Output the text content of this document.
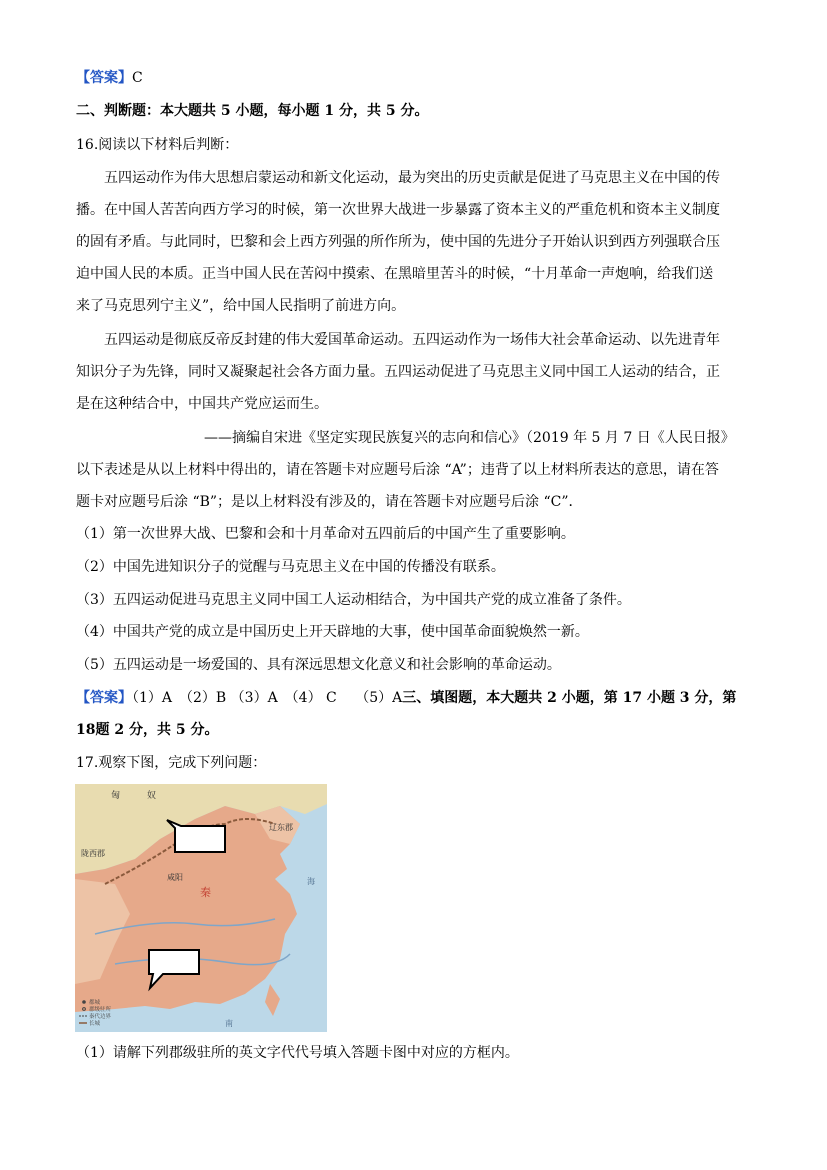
【答案】C
二、判断题：本大题共 5 小题，每小题 1 分，共 5 分。
16.阅读以下材料后判断：
五四运动作为伟大思想启蒙运动和新文化运动，最为突出的历史贡献是促进了马克思主义在中国的传
播。在中国人苦苦向西方学习的时候，第一次世界大战进一步暴露了资本主义的严重危机和资本主义制度
的固有矛盾。与此同时，巴黎和会上西方列强的所作所为，使中国的先进分子开始认识到西方列强联合压
迫中国人民的本质。正当中国人民在苦闷中摸索、在黑暗里苦斗的时候，“十月革命一声炮响，给我们送
来了马克思列宁主义”，给中国人民指明了前进方向。
五四运动是彻底反帝反封建的伟大爱国革命运动。五四运动作为一场伟大社会革命运动、以先进青年
知识分子为先锋，同时又凝聚起社会各方面力量。五四运动促进了马克思主义同中国工人运动的结合，正
是在这种结合中，中国共产党应运而生。
——摘编自宋进《坚定实现民族复兴的志向和信心》（2019 年 5 月 7 日《人民日报》
以下表述是从以上材料中得出的，请在答题卡对应题号后涂 “A”；违背了以上材料所表达的意思，请在答
题卡对应题号后涂 “B”；是以上材料没有涉及的，请在答题卡对应题号后涂 “C”．
（1）第一次世界大战、巴黎和会和十月革命对五四前后的中国产生了重要影响。
（2）中国先进知识分子的觉醒与马克思主义在中国的传播没有联系。
（3）五四运动促进马克思主义同中国工人运动相结合，为中国共产党的成立准备了条件。
（4）中国共产党的成立是中国历史上开天辟地的大事，使中国革命面貌焕然一新。
（5）五四运动是一场爱国的、具有深远思想文化意义和社会影响的革命运动。
【答案】（1）A　（2）B （3）A　（4） C　 （5）A三、填图题，本大题共 2 小题，第 17 小题 3 分，第
18题 2 分，共 5 分。
17.观察下图，完成下列问题：
匈	奴
辽东郡
陇西郡
咸阳
秦
海
南
都城
郡级驻所
秦代边界
长城
（1）请解下列郡级驻所的英文字代代号填入答题卡图中对应的方框内。
